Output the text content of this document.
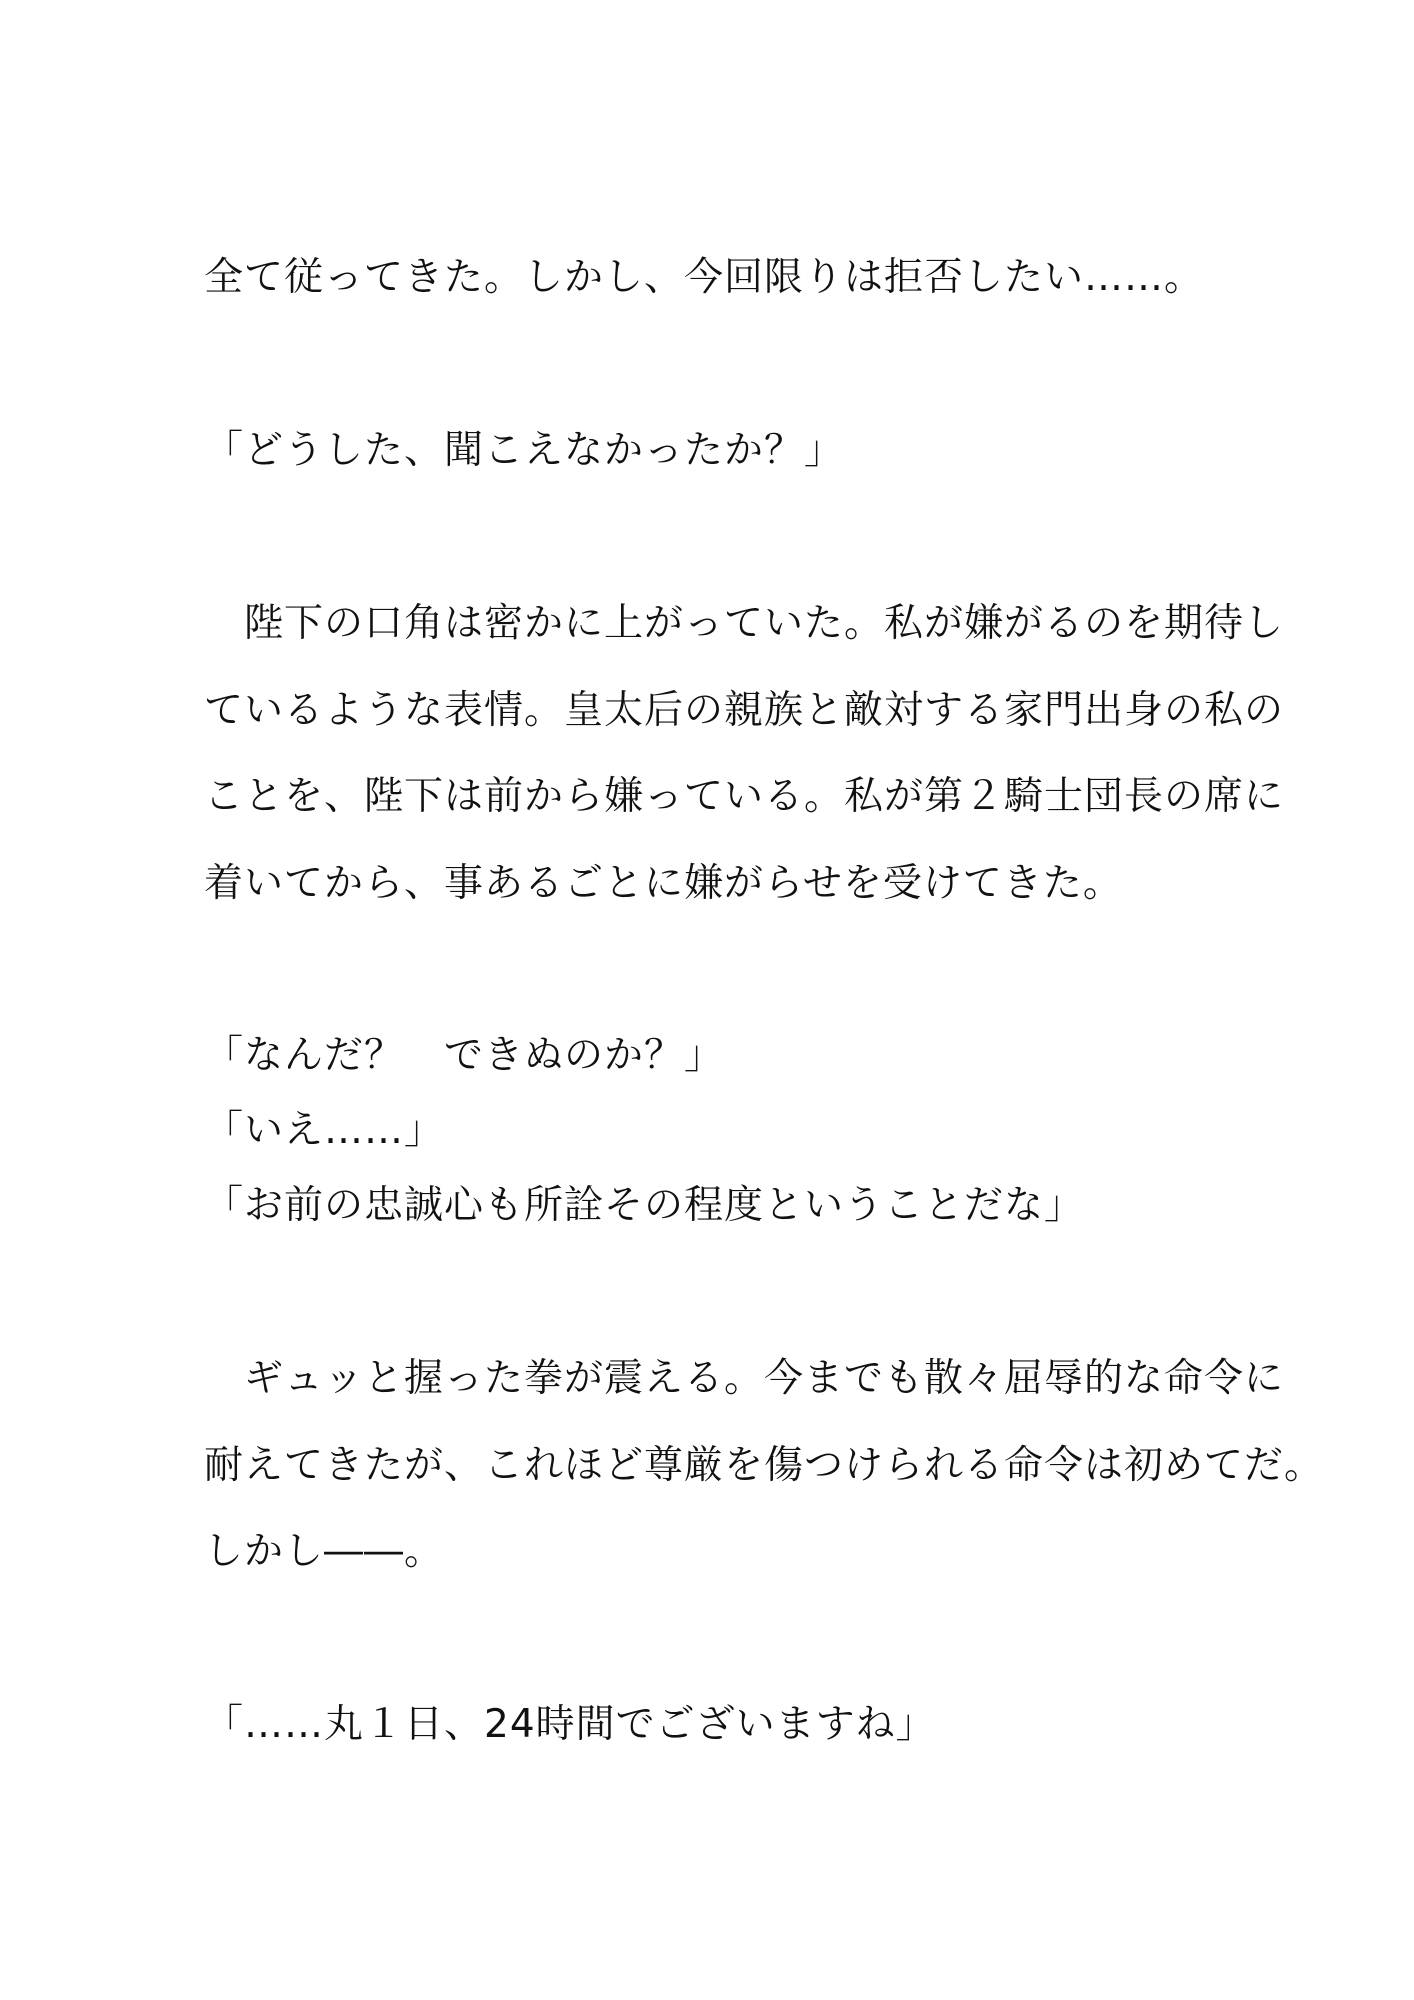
全て従ってきた。しかし、今回限りは拒否したい……。

「どうした、聞こえなかったか？」

　陛下の口角は密かに上がっていた。私が嫌がるのを期待し

ているような表情。皇太后の親族と敵対する家門出身の私の

ことを、陛下は前から嫌っている。私が第２騎士団長の席に

着いてから、事あるごとに嫌がらせを受けてきた。

「なんだ？　できぬのか？」

「いえ……」

「お前の忠誠心も所詮その程度ということだな」

　ギュッと握った拳が震える。今までも散々屈辱的な命令に

耐えてきたが、これほど尊厳を傷つけられる命令は初めてだ。

しかし――。

「……丸１日、24時間でございますね」
